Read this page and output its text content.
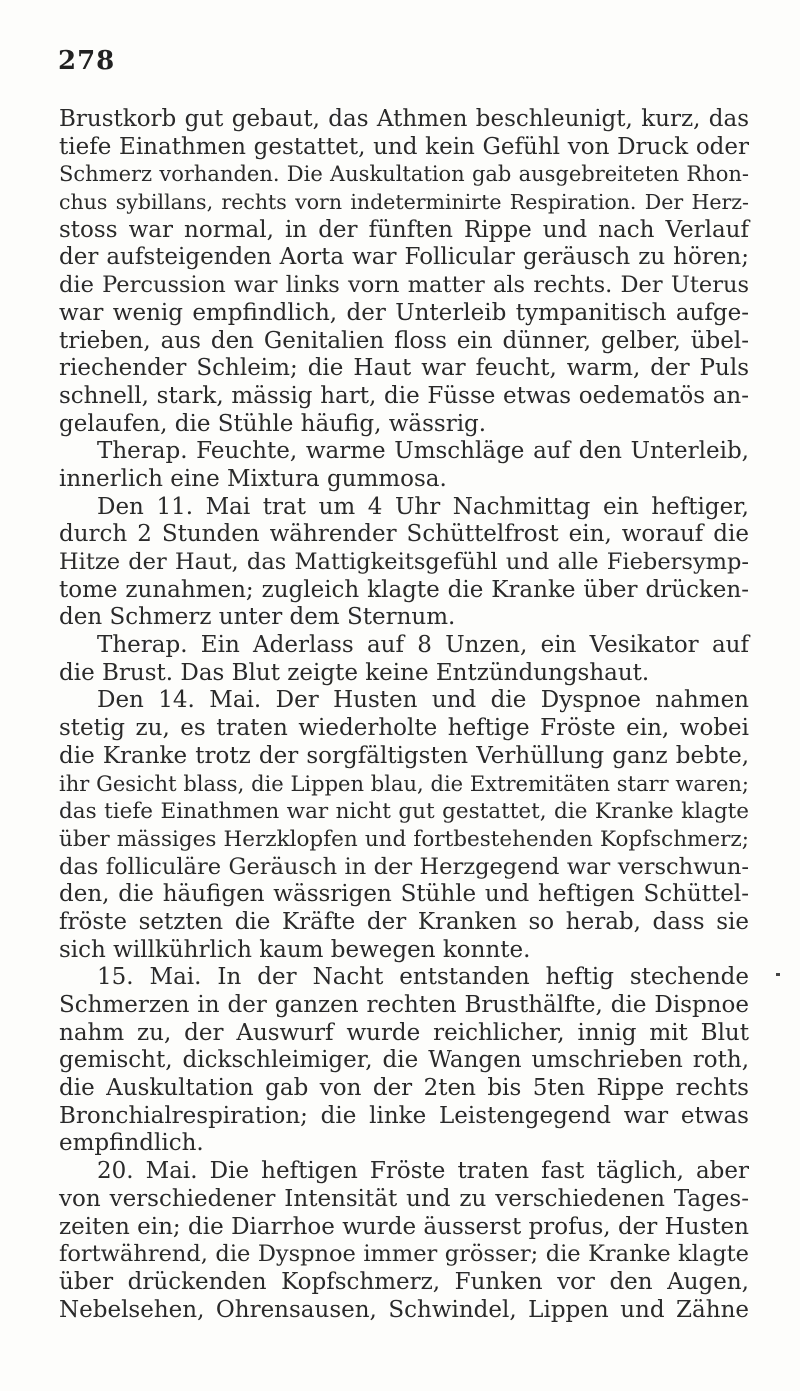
278
Brustkorb gut gebaut, das Athmen beschleunigt, kurz, das
tiefe Einathmen gestattet, und kein Gefühl von Druck oder
Schmerz vorhanden. Die Auskultation gab ausgebreiteten Rhon-
chus sybillans, rechts vorn indeterminirte Respiration. Der Herz-
stoss war normal, in der fünften Rippe und nach Verlauf
der aufsteigenden Aorta war Follicular geräusch zu hören;
die Percussion war links vorn matter als rechts. Der Uterus
war wenig empfindlich, der Unterleib tympanitisch aufge-
trieben, aus den Genitalien floss ein dünner, gelber, übel-
riechender Schleim; die Haut war feucht, warm, der Puls
schnell, stark, mässig hart, die Füsse etwas oedematös an-
gelaufen, die Stühle häufig, wässrig.
Therap. Feuchte, warme Umschläge auf den Unterleib,
innerlich eine Mixtura gummosa.
Den 11. Mai trat um 4 Uhr Nachmittag ein heftiger,
durch 2 Stunden währender Schüttelfrost ein, worauf die
Hitze der Haut, das Mattigkeitsgefühl und alle Fiebersymp-
tome zunahmen; zugleich klagte die Kranke über drücken-
den Schmerz unter dem Sternum.
Therap. Ein Aderlass auf 8 Unzen, ein Vesikator auf
die Brust. Das Blut zeigte keine Entzündungshaut.
Den 14. Mai. Der Husten und die Dyspnoe nahmen
stetig zu, es traten wiederholte heftige Fröste ein, wobei
die Kranke trotz der sorgfältigsten Verhüllung ganz bebte,
ihr Gesicht blass, die Lippen blau, die Extremitäten starr waren;
das tiefe Einathmen war nicht gut gestattet, die Kranke klagte
über mässiges Herzklopfen und fortbestehenden Kopfschmerz;
das folliculäre Geräusch in der Herzgegend war verschwun-
den, die häufigen wässrigen Stühle und heftigen Schüttel-
fröste setzten die Kräfte der Kranken so herab, dass sie
sich willkührlich kaum bewegen konnte.
15. Mai. In der Nacht entstanden heftig stechende
Schmerzen in der ganzen rechten Brusthälfte, die Dispnoe
nahm zu, der Auswurf wurde reichlicher, innig mit Blut
gemischt, dickschleimiger, die Wangen umschrieben roth,
die Auskultation gab von der 2ten bis 5ten Rippe rechts
Bronchialrespiration; die linke Leistengegend war etwas
empfindlich.
20. Mai. Die heftigen Fröste traten fast täglich, aber
von verschiedener Intensität und zu verschiedenen Tages-
zeiten ein; die Diarrhoe wurde äusserst profus, der Husten
fortwährend, die Dyspnoe immer grösser; die Kranke klagte
über drückenden Kopfschmerz, Funken vor den Augen,
Nebelsehen, Ohrensausen, Schwindel, Lippen und Zähne
